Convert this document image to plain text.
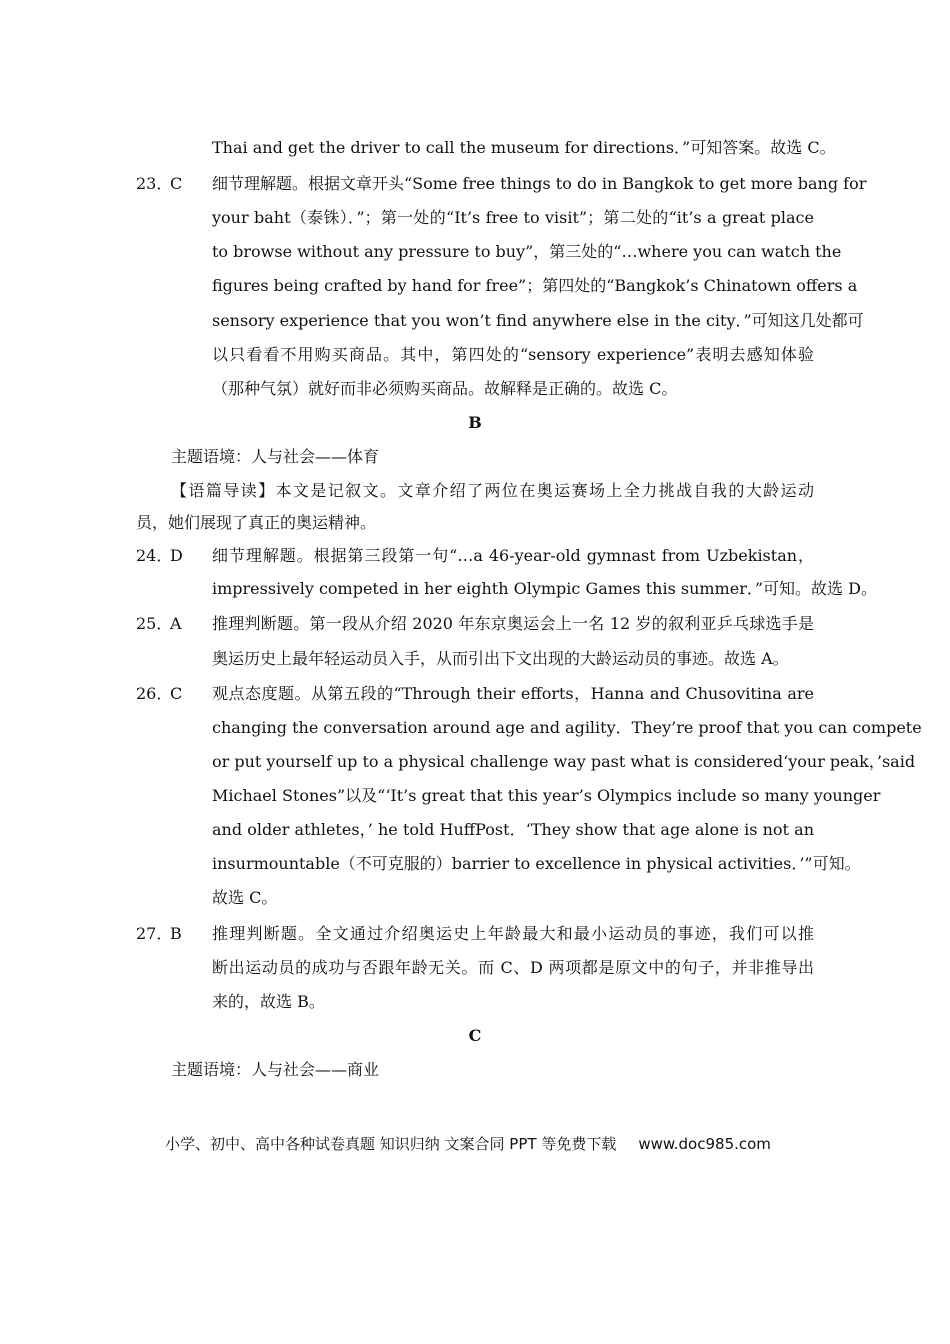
Thai and get the driver to call the museum for directions．”可知答案。故选 C。
23．
C 细节理解题。根据文章开头“Some free things to do in Bangkok to get more bang for
your baht（泰铢）．”；第一处的“It’s free to visit”；第二处的“it’s a great place
to browse without any pressure to buy”，第三处的“…where you can watch the
figures being crafted by hand for free”；第四处的“Bangkok’s Chinatown offers a
sensory experience that you won’t find anywhere else in the city．”可知这几处都可
以只看看不用购买商品。其中，第四处的“sensory experience”表明去感知体验
（那种气氛）就好而非必须购买商品。故解释是正确的。故选 C。
B
主题语境：人与社会——体育
【语篇导读】本文是记叙文。文章介绍了两位在奥运赛场上全力挑战自我的大龄运动
员，她们展现了真正的奥运精神。
24．
D 细节理解题。根据第三段第一句“…a 46-year-old gymnast from Uzbekistan，
impressively competed in her eighth Olympic Games this summer．”可知。故选 D。
25．
A 推理判断题。第一段从介绍 2020 年东京奥运会上一名 12 岁的叙利亚乒乓球选手是
奥运历史上最年轻运动员入手，从而引出下文出现的大龄运动员的事迹。故选 A。
26．
C 观点态度题。从第五段的“Through their efforts，Hanna and Chusovitina are
changing the conversation around age and agility．They’re proof that you can compete
or put yourself up to a physical challenge way past what is considered‘your peak，’said
Michael Stones”以及“‘It’s great that this year’s Olympics include so many younger
and older athletes，’ he told HuffPost．‘They show that age alone is not an
insurmountable（不可克服的）barrier to excellence in physical activities．’”可知。
故选 C。
27．
B 推理判断题。全文通过介绍奥运史上年龄最大和最小运动员的事迹，我们可以推
断出运动员的成功与否跟年龄无关。而 C、D 两项都是原文中的句子，并非推导出
来的，故选 B。
C
主题语境：人与社会——商业
小学、初中、高中各种试卷真题 知识归纳 文案合同 PPT 等免费下载 www.doc985.com
